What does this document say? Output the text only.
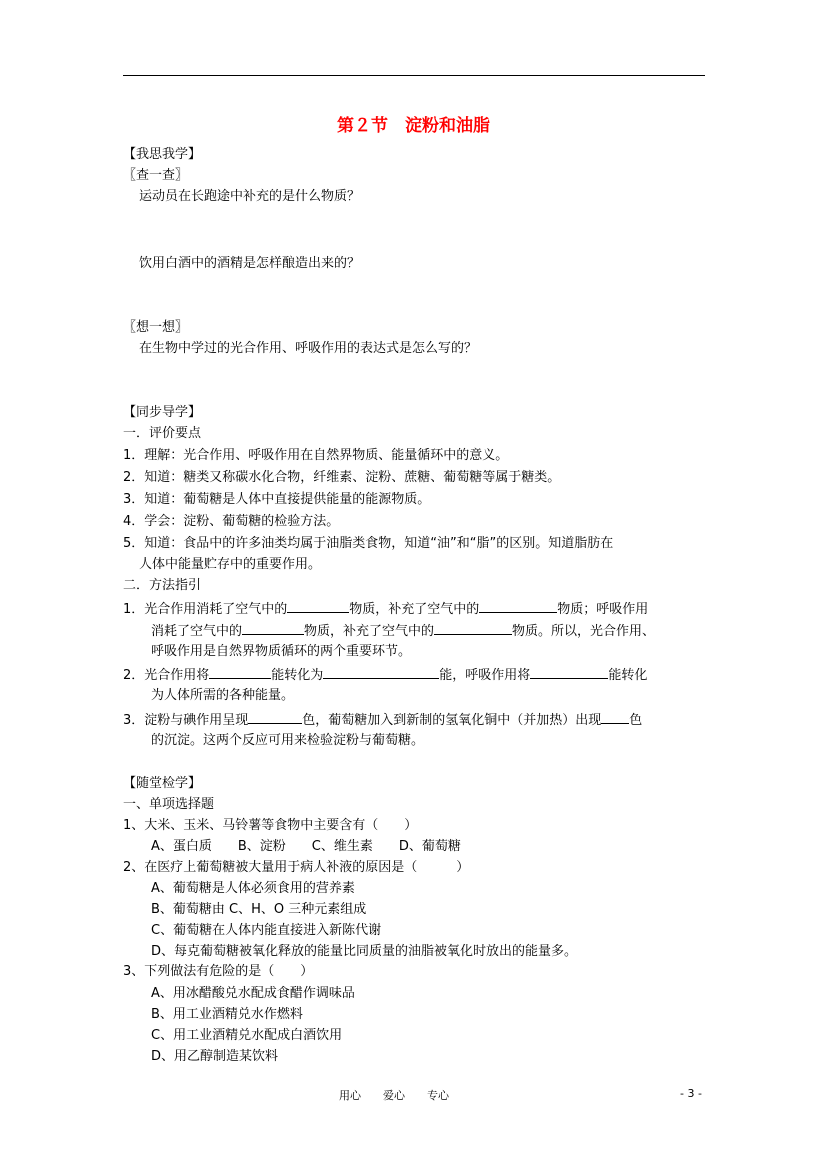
第２节　淀粉和油脂
【我思我学】
〖查一查〗
运动员在长跑途中补充的是什么物质？
饮用白酒中的酒精是怎样酿造出来的？
〖想一想〗
在生物中学过的光合作用、呼吸作用的表达式是怎么写的？
【同步导学】
一．评价要点
1．理解：光合作用、呼吸作用在自然界物质、能量循环中的意义。
2．知道：糖类又称碳水化合物，纤维素、淀粉、蔗糖、葡萄糖等属于糖类。
3．知道：葡萄糖是人体中直接提供能量的能源物质。
4．学会：淀粉、葡萄糖的检验方法。
5．知道：食品中的许多油类均属于油脂类食物，知道“油”和“脂”的区别。知道脂肪在
人体中能量贮存中的重要作用。
二．方法指引
1．光合作用消耗了空气中的	物质，补充了空气中的	物质；呼吸作用
消耗了空气中的	物质，补充了空气中的	物质。所以，光合作用、
呼吸作用是自然界物质循环的两个重要环节。
2．光合作用将	能转化为	能，呼吸作用将	能转化
为人体所需的各种能量。
3．淀粉与碘作用呈现	色，葡萄糖加入到新制的氢氧化铜中（并加热）出现 色
的沉淀。这两个反应可用来检验淀粉与葡萄糖。
【随堂检学】
一、单项选择题
1、大米、玉米、马铃薯等食物中主要含有（　　）
A、蛋白质　　B、淀粉　　C、维生素　　D、葡萄糖
2、在医疗上葡萄糖被大量用于病人补液的原因是（　　　）
A、葡萄糖是人体必须食用的营养素
B、葡萄糖由 C、H、O 三种元素组成
C、葡萄糖在人体内能直接进入新陈代谢
D、每克葡萄糖被氧化释放的能量比同质量的油脂被氧化时放出的能量多。
3、下列做法有危险的是（　　）
A、用冰醋酸兑水配成食醋作调味品
B、用工业酒精兑水作燃料
C、用工业酒精兑水配成白酒饮用
D、用乙醇制造某饮料
用心　　爱心　　专心	- 3 -
